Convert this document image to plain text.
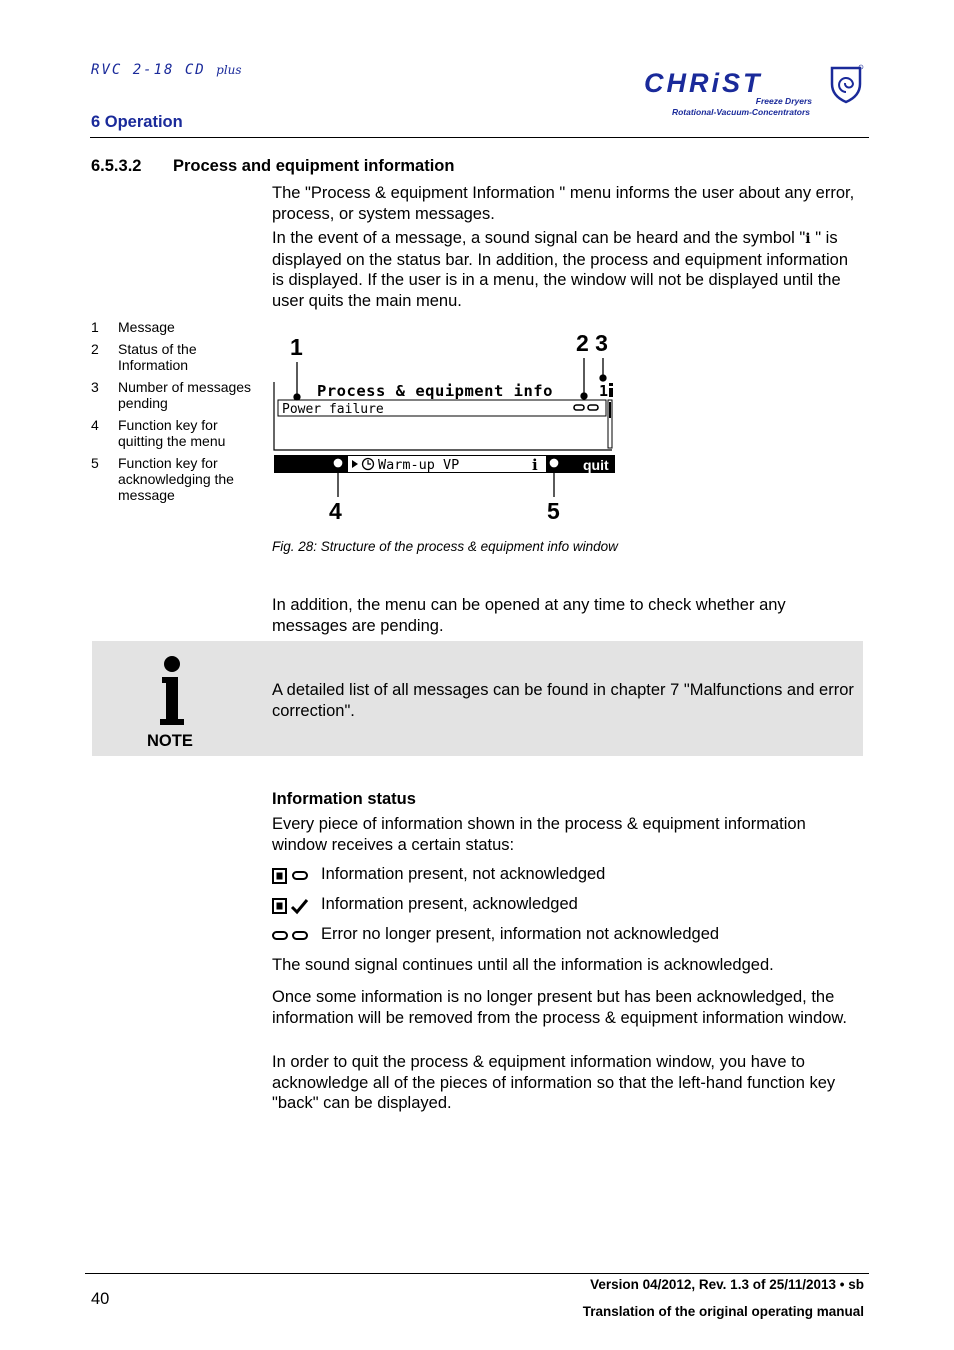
RVC 2-18 CD plus
6 Operation
CHRiST
Freeze Dryers
Rotational-Vacuum-Concentrators
6.5.3.2 Process and equipment information

The "Process & equipment Information " menu informs the user about any error, process, or system messages.

In the event of a message, a sound signal can be heard and the symbol "i " is displayed on the status bar. In addition, the process and equipment information is displayed. If the user is in a menu, the window will not be displayed until the user quits the main menu.

1 Message
2 Status of the Information
3 Number of messages pending
4 Function key for quitting the menu
5 Function key for acknowledging the message
1	2 3
4	5
Process & equipment info	1
Power failure
Warm-up VP	i	quit
Fig. 28: Structure of the process & equipment info window

In addition, the menu can be opened at any time to check whether any messages are pending.

NOTE

A detailed list of all messages can be found in chapter 7 "Malfunctions and error correction".

Information status

Every piece of information shown in the process & equipment information window receives a certain status:

Information present, not acknowledged
Information present, acknowledged
Error no longer present, information not acknowledged

The sound signal continues until all the information is acknowledged.

Once some information is no longer present but has been acknowledged, the information will be removed from the process & equipment information window.

In order to quit the process & equipment information window, you have to acknowledge all of the pieces of information so that the left-hand function key "back" can be displayed.

40
Version 04/2012, Rev. 1.3 of 25/11/2013 • sb
Translation of the original operating manual
